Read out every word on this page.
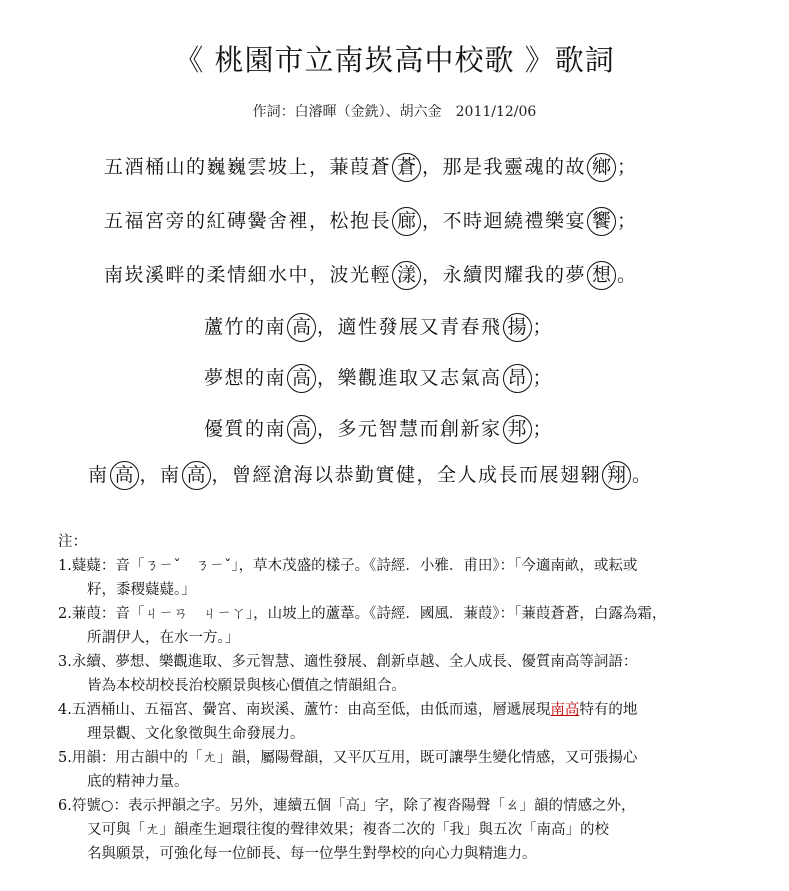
《 桃園市立南崁高中校歌 》歌詞
作詞：白濬暉（金銑）、胡六金　2011/12/06
五酒桶山的巍巍雲坡上，蒹葭蒼 蒼 ，那是我靈魂的故 鄉 ；
五福宮旁的紅磚黌舍裡，松抱長 廊 ，不時迴繞禮樂宴 饗 ；
南崁溪畔的柔情細水中，波光輕 漾 ，永續閃耀我的夢 想 。
蘆竹的南 高 ，適性發展又青春飛 揚 ；
夢想的南 高 ，樂觀進取又志氣高 昂 ；
優質的南 高 ，多元智慧而創新家 邦 ；
南 高 ，南 高 ，曾經滄海以恭勤實健，全人成長而展翅翱 翔 。

注：

1.薿薿：音「ㄋㄧˇ　ㄋㄧˇ」，草木茂盛的樣子。《詩經．小雅．甫田》：「今適南畝，或耘或
　　籽，黍稷薿薿。」

2.蒹葭：音「ㄐㄧㄢ　ㄐㄧㄚ」，山坡上的蘆葦。《詩經．國風．蒹葭》：「蒹葭蒼蒼，白露為霜，
　　所謂伊人，在水一方。」

3.永續、夢想、樂觀進取、多元智慧、適性發展、創新卓越、全人成長、優質南高等詞語：
　　皆為本校胡校長治校願景與核心價值之情韻組合。

4.五酒桶山、五福宮、黌宮、南崁溪、蘆竹：由高至低，由低而遠，層遞展現南高特有的地
　　理景觀、文化象徵與生命發展力。

5.用韻：用古韻中的「ㄤ」韻，屬陽聲韻，又平仄互用，既可讓學生變化情感，又可張揚心
　　底的精神力量。

6.符號○：表示押韻之字。另外，連續五個「高」字，除了複沓陽聲「ㄠ」韻的情感之外，
　　又可與「ㄤ」韻產生迴環往復的聲律效果；複沓二次的「我」與五次「南高」的校
　　名與願景，可強化每一位師長、每一位學生對學校的向心力與精進力。
